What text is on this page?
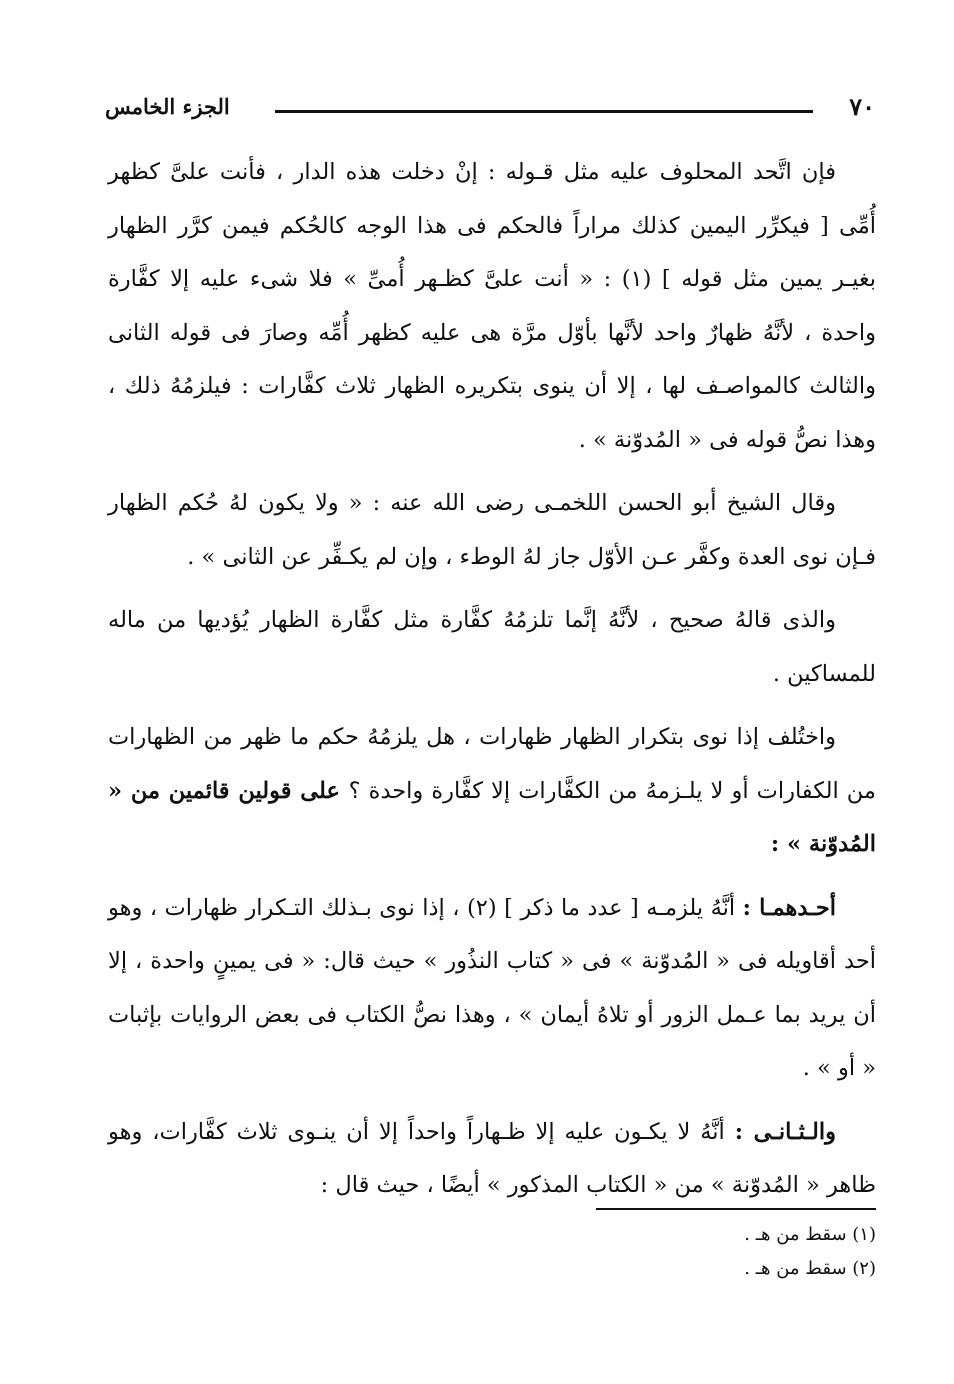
٧٠
الجزء الخامس

فإن اتَّحد المحلوف عليه مثل قـوله : إنْ دخلت هذه الدار ، فأنت علىَّ كظهر أُمِّى [ فيكرِّر اليمين كذلك مراراً فالحكم فى هذا الوجه كالحُكم فيمن كرَّر الظهار بغيـر يمين مثل قوله ] (١) : « أنت علىَّ كظـهر أُمىِّ » فلا شىء عليه إلا كفَّارة واحدة ، لأنَّهُ ظهارٌ واحد لأنَّها بأوّل مرَّة هى عليه كظهر أُمِّه وصارَ فى قوله الثانى والثالث كالمواصـف لها ، إلا أن ينوى بتكريره الظهار ثلاث كفَّارات : فيلزمُهُ ذلك ، وهذا نصُّ قوله فى « المُدوّنة » .

وقال الشيخ أبو الحسن اللخمـى رضى الله عنه : « ولا يكون لهُ حُكم الظهار فـإن نوى العدة وكفَّر عـن الأوّل جاز لهُ الوطء ، وإن لم يكـفِّر عن الثانى » .

والذى قالهُ صحيح ، لأنَّهُ إنَّما تلزمُهُ كفَّارة مثل كفَّارة الظهار يُؤديها من ماله للمساكين .

واختُلف إذا نوى بتكرار الظهار ظهارات ، هل يلزمُهُ حكم ما ظهر من الظهارات من الكفارات أو لا يلـزمهُ من الكفَّارات إلا كفَّارة واحدة ؟ على قولين قائمين من « المُدوّنة » :

أحـدهمـا : أنَّهُ يلزمـه [ عدد ما ذكر ] (٢) ، إذا نوى بـذلك التـكرار ظهارات ، وهو أحد أقاويله فى « المُدوّنة » فى « كتاب النذُور » حيث قال: « فى يمينٍ واحدة ، إلا أن يريد بما عـمل الزور أو تلاهُ أيمان » ، وهذا نصُّ الكتاب فى بعض الروايات بإثبات « أو » .

والـثـانـى : أنَّهُ لا يكـون عليه إلا ظـهاراً واحداً إلا أن ينـوى ثلاث كفَّارات، وهو ظاهر « المُدوّنة » من « الكتاب المذكور » أيضًا ، حيث قال :

(١) سقط من هـ .

(٢) سقط من هـ .
